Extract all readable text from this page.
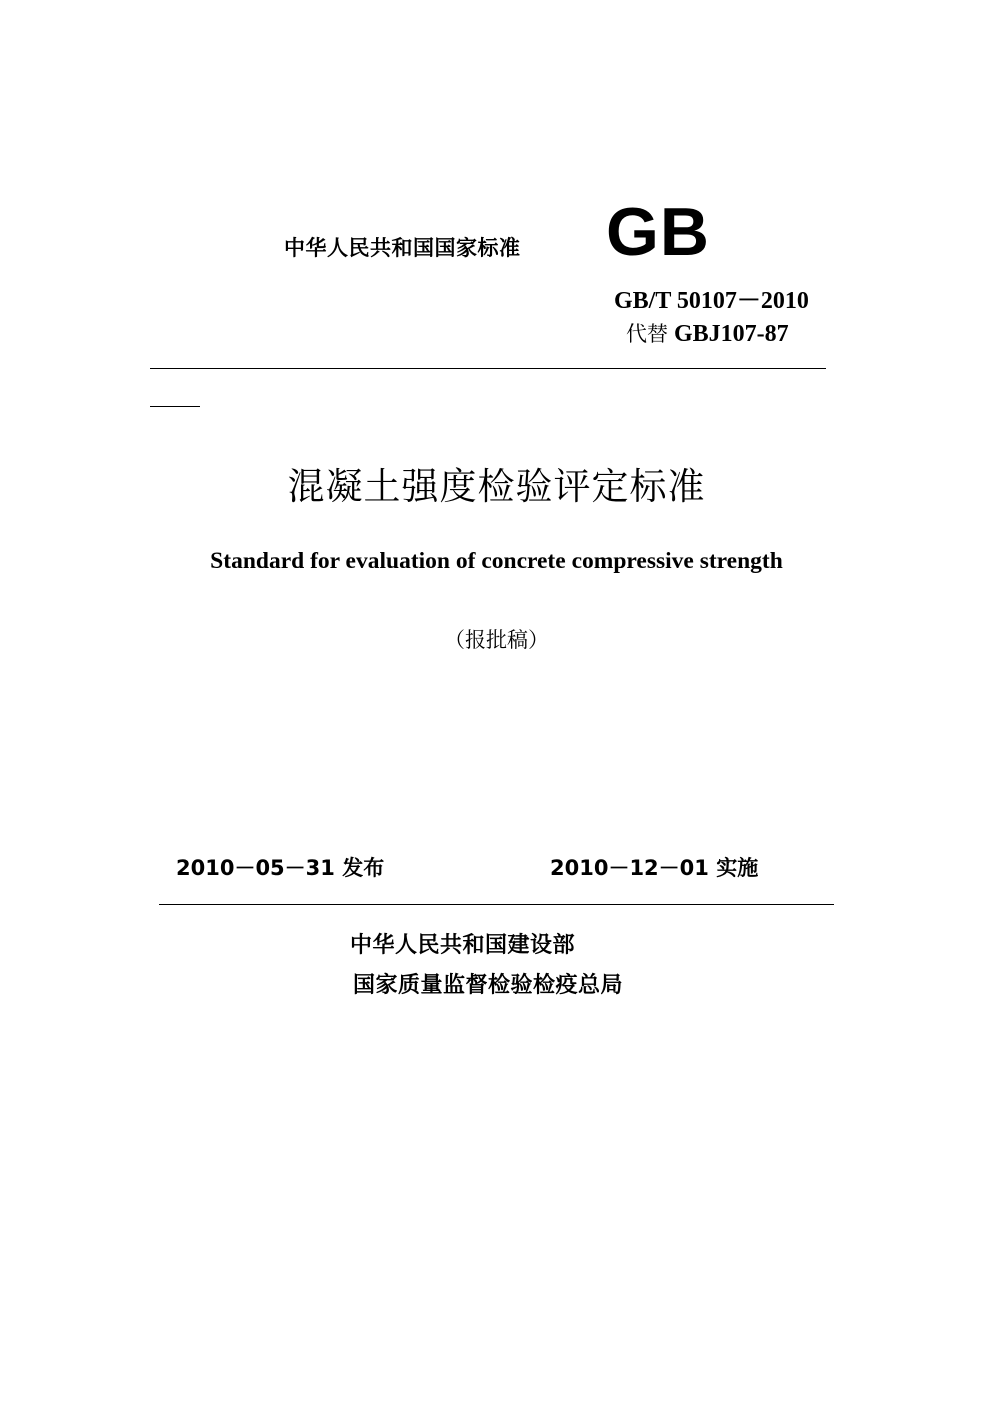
中华人民共和国国家标准 GB
GB/T 50107－2010
代替 GBJ107-87
混凝土强度检验评定标准
Standard for evaluation of concrete compressive strength
（报批稿）
2010－05－31 发布	2010－12－01 实施
中华人民共和国建设部
国家质量监督检验检疫总局
